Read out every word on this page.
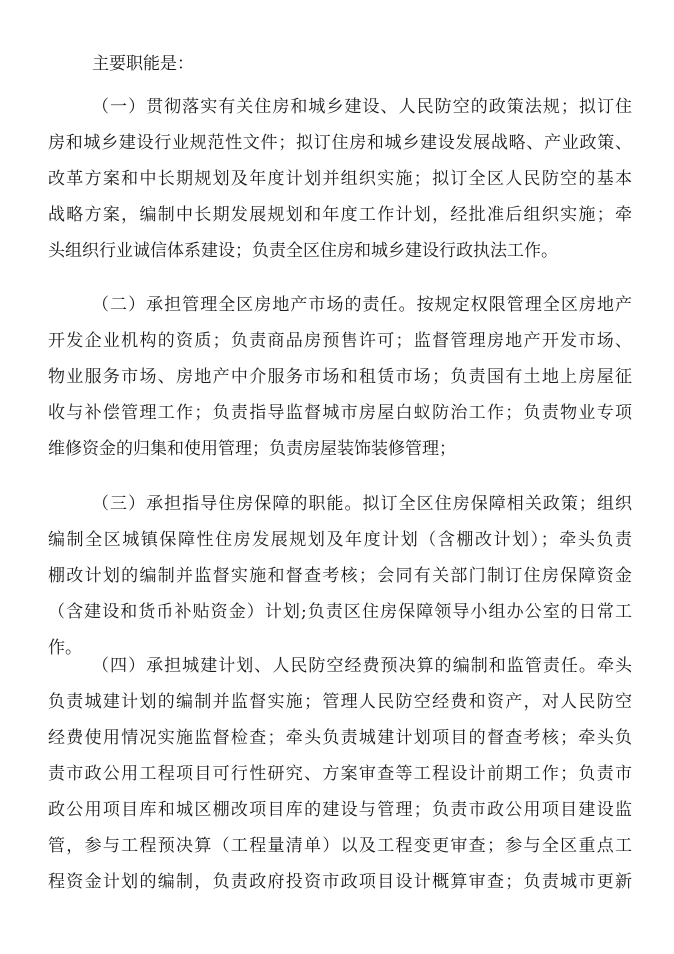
主要职能是：
（一）贯彻落实有关住房和城乡建设、人民防空的政策法规；拟订住
房和城乡建设行业规范性文件；拟订住房和城乡建设发展战略、产业政策、
改革方案和中长期规划及年度计划并组织实施；拟订全区人民防空的基本
战略方案，编制中长期发展规划和年度工作计划，经批准后组织实施；牵
头组织行业诚信体系建设；负责全区住房和城乡建设行政执法工作。
（二）承担管理全区房地产市场的责任。按规定权限管理全区房地产
开发企业机构的资质；负责商品房预售许可；监督管理房地产开发市场、
物业服务市场、房地产中介服务市场和租赁市场；负责国有土地上房屋征
收与补偿管理工作；负责指导监督城市房屋白蚁防治工作；负责物业专项
维修资金的归集和使用管理；负责房屋装饰装修管理；
（三）承担指导住房保障的职能。拟订全区住房保障相关政策；组织
编制全区城镇保障性住房发展规划及年度计划（含棚改计划）；牵头负责
棚改计划的编制并监督实施和督查考核；会同有关部门制订住房保障资金
（含建设和货币补贴资金）计划;负责区住房保障领导小组办公室的日常工
作。
（四）承担城建计划、人民防空经费预决算的编制和监管责任。牵头
负责城建计划的编制并监督实施；管理人民防空经费和资产，对人民防空
经费使用情况实施监督检查；牵头负责城建计划项目的督查考核；牵头负
责市政公用工程项目可行性研究、方案审查等工程设计前期工作；负责市
政公用项目库和城区棚改项目库的建设与管理；负责市政公用项目建设监
管，参与工程预决算（工程量清单）以及工程变更审查；参与全区重点工
程资金计划的编制，负责政府投资市政项目设计概算审查；负责城市更新
